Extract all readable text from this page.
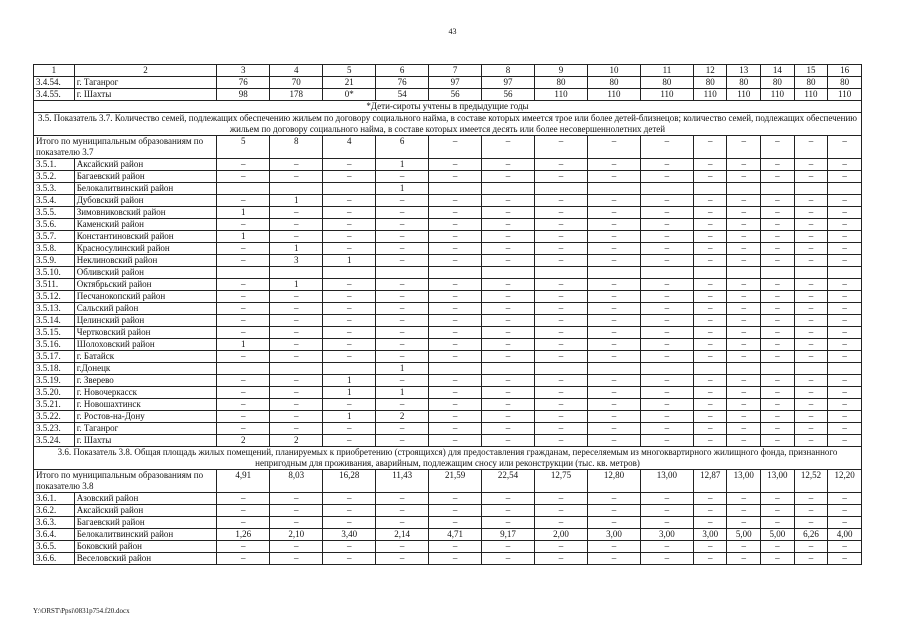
43
1	2	3	4	5	6	7	8	9	10	11	12	13	14	15	16
3.4.54.	г. Таганрог	76	70	21	76	97	97	80	80	80	80	80	80	80	80
3.4.55.	г. Шахты	98	178	0*	54	56	56	110	110	110	110	110	110	110	110
*Дети-сироты учтены в предыдущие годы															
3.5. Показатель 3.7. Количество семей, подлежащих обеспечению жильем по договору социального найма, в составе которых имеется трое или более детей-близнецов; количество семей, подлежащих обеспечению жильем по договору социального найма, в составе которых имеется десять или более несовершеннолетних детей															
Итого по муниципальным образованиям по показателю 3.7		5	8	4	6	–	–	–	–	–	–	–	–	–	–
3.5.1.	Аксайский район	–	–	–	1	–	–	–	–	–	–	–	–	–	–
3.5.2.	Багаевский район	–	–	–	–	–	–	–	–	–	–	–	–	–	–
3.5.3.	Белокалитвинский район				1										
3.5.4.	Дубовский район	–	1	–	–	–	–	–	–	–	–	–	–	–	–
3.5.5.	Зимовниковский район	1	–	–	–	–	–	–	–	–	–	–	–	–	–
3.5.6.	Каменский район	–	–	–	–	–	–	–	–	–	–	–	–	–	–
3.5.7.	Константиновский район	1	–	–	–	–	–	–	–	–	–	–	–	–	–
3.5.8.	Красносулинский район	–	1	–	–	–	–	–	–	–	–	–	–	–	–
3.5.9.	Неклиновский район	–	3	1	–	–	–	–	–	–	–	–	–	–	–
3.5.10.	Обливский район														
3.511.	Октябрьский район	–	1	–	–	–	–	–	–	–	–	–	–	–	–
3.5.12.	Песчанокопский район	–	–	–	–	–	–	–	–	–	–	–	–	–	–
3.5.13.	Сальский район	–	–	–	–	–	–	–	–	–	–	–	–	–	–
3.5.14.	Целинский район	–	–	–	–	–	–	–	–	–	–	–	–	–	–
3.5.15.	Чертковский район	–	–	–	–	–	–	–	–	–	–	–	–	–	–
3.5.16.	Шолоховский район	1	–	–	–	–	–	–	–	–	–	–	–	–	–
3.5.17.	г. Батайск	–	–	–	–	–	–	–	–	–	–	–	–	–	–
3.5.18.	г.Донецк				1										
3.5.19.	г. Зверево	–	–	1	–	–	–	–	–	–	–	–	–	–	–
3.5.20.	г. Новочеркасск	–	–	1	1	–	–	–	–	–	–	–	–	–	–
3.5.21.	г. Новошахтинск	–	–	–	–	–	–	–	–	–	–	–	–	–	–
3.5.22.	г. Ростов-на-Дону	–	–	1	2	–	–	–	–	–	–	–	–	–	–
3.5.23.	г. Таганрог	–	–	–	–	–	–	–	–	–	–	–	–	–	–
3.5.24.	г. Шахты	2	2	–	–	–	–	–	–	–	–	–	–	–	–
3.6. Показатель 3.8. Общая площадь жилых помещений, планируемых к приобретению (строящихся) для предоставления гражданам, переселяемым из многоквартирного жилищного фонда, признанного непригодным для проживания, аварийным, подлежащим сносу или реконструкции (тыс. кв. метров)															
Итого по муниципальным образованиям по показателю 3.8		4,91	8,03	16,28	11,43	21,59	22,54	12,75	12,80	13,00	12,87	13,00	13,00	12,52	12,20
3.6.1.	Азовский район	–	–	–	–	–	–	–	–	–	–	–	–	–	–
3.6.2.	Аксайский район	–	–	–	–	–	–	–	–	–	–	–	–	–	–
3.6.3.	Багаевский район	–	–	–	–	–	–	–	–	–	–	–	–	–	–
3.6.4.	Белокалитвинский район	1,26	2,10	3,40	2,14	4,71	9,17	2,00	3,00	3,00	3,00	5,00	5,00	6,26	4,00
3.6.5.	Боковский район	–	–	–	–	–	–	–	–	–	–	–	–	–	–
3.6.6.	Веселовский район	–	–	–	–	–	–	–	–	–	–	–	–	–	–
Y:\ORST\Ppsi\0831p754.f20.docx
